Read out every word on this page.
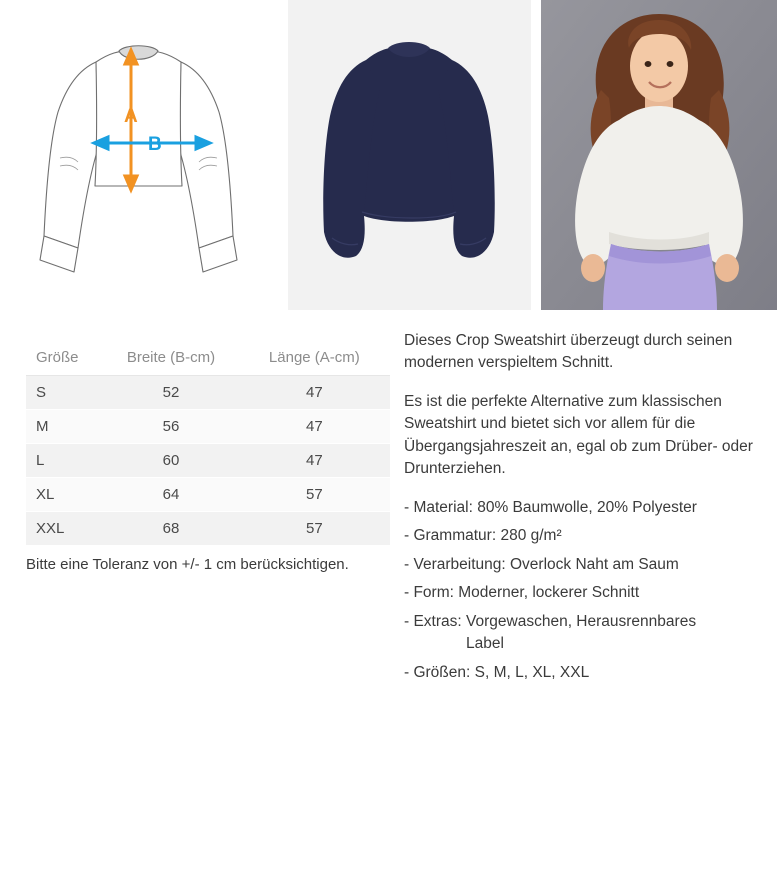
A
B
Größe	Breite (B-cm)	Länge (A-cm)
S	52	47
M	56	47
L	60	47
XL	64	57
XXL	68	57
Bitte eine Toleranz von +/- 1 cm berücksichtigen.

Dieses Crop Sweatshirt überzeugt durch seinen modernen verspieltem Schnitt.

Es ist die perfekte Alternative zum klassischen Sweatshirt und bietet sich vor allem für die Übergangsjahreszeit an, egal ob zum Drüber- oder Drunterziehen.

- Material: 80% Baumwolle, 20% Polyester
- Grammatur: 280 g/m²
- Verarbeitung: Overlock Naht am Saum
- Form: Moderner, lockerer Schnitt
- Extras: Vorgewaschen, Herausrennbares
Label
- Größen: S, M, L, XL, XXL
